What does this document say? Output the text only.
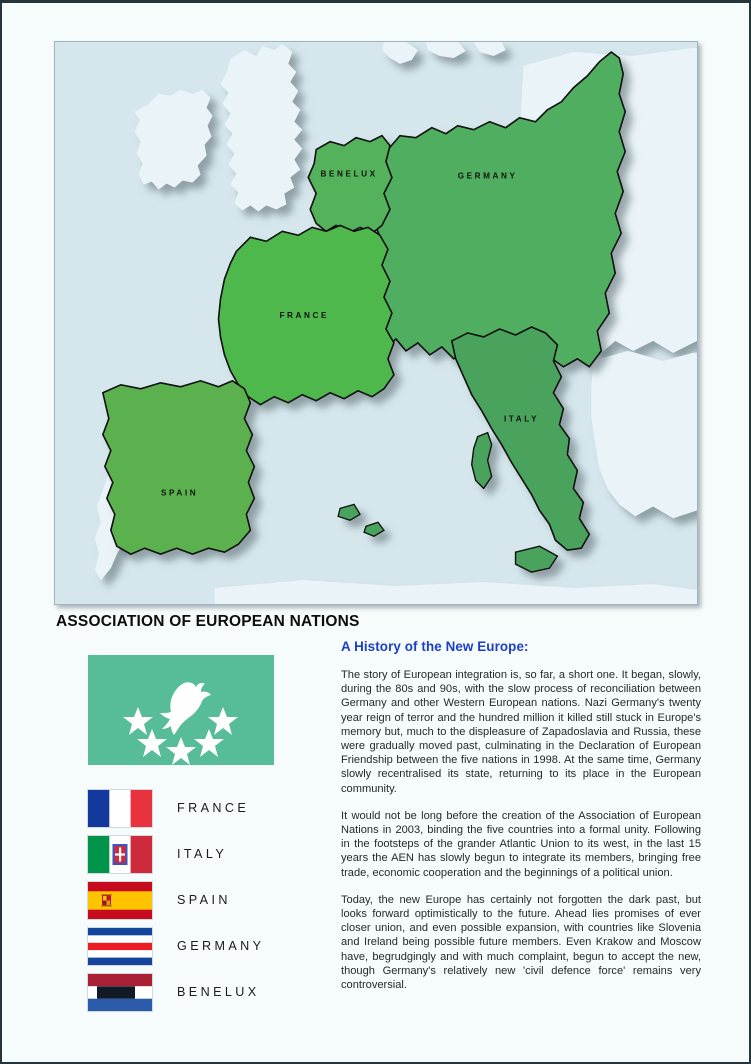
BENELUX	GERMANY
FRANCE
ITALY
SPAIN
ASSOCIATION OF EUROPEAN NATIONS
FRANCE
ITALY
SPAIN
GERMANY
BENELUX
A History of the New Europe:

The story of European integration is, so far, a short one. It began, slowly, during the 80s and 90s, with the slow process of reconciliation between Germany and other Western European nations. Nazi Germany's twenty year reign of terror and the hundred million it killed still stuck in Europe's memory but, much to the displeasure of Zapadoslavia and Russia, these were gradually moved past, culminating in the Declaration of European Friendship between the five nations in 1998. At the same time, Germany slowly recentralised its state, returning to its place in the European community.

It would not be long before the creation of the Association of European Nations in 2003, binding the five countries into a formal unity. Following in the footsteps of the grander Atlantic Union to its west, in the last 15 years the AEN has slowly begun to integrate its members, bringing free trade, economic cooperation and the beginnings of a political union.

Today, the new Europe has certainly not forgotten the dark past, but looks forward optimistically to the future. Ahead lies promises of ever closer union, and even possible expansion, with countries like Slovenia and Ireland being possible future members. Even Krakow and Moscow have, begrudgingly and with much complaint, begun to accept the new, though Germany's relatively new 'civil defence force' remains very controversial.
